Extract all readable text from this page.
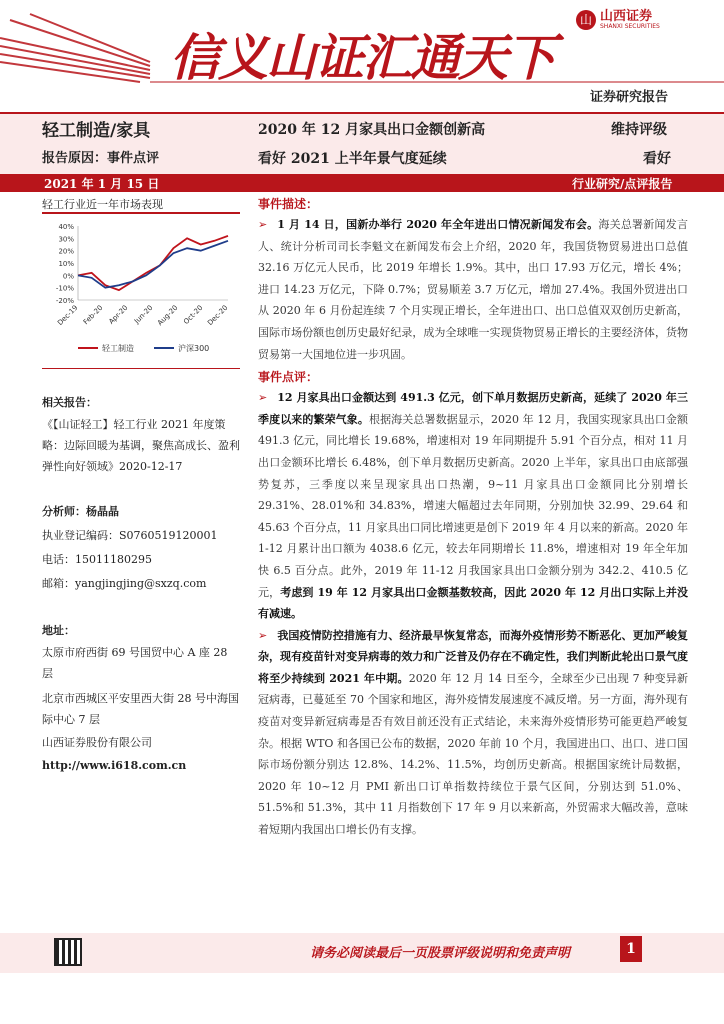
信义山证汇通天下
山 山西证券
SHANXI SECURITIES
证券研究报告
轻工制造/家具
报告原因：事件点评
2020 年 12 月家具出口金额创新高
看好 2021 上半年景气度延续
维持评级
看好
2021 年 1 月 15 日	行业研究/点评报告
轻工行业近一年市场表现
40%
30%
20%
10%
0%
-10%
-20%
Dec-19 Feb-20 Apr-20 Jun-20 Aug-20 Oct-20 Dec-20
轻工制造	沪深300
相关报告：
《【山证轻工】轻工行业 2021 年度策略：边际回暖为基调，聚焦高成长、盈利弹性向好领域》2020-12-17
分析师：杨晶晶
执业登记编码：S0760519120001
电话：15011180295
邮箱：yangjingjing@sxzq.com
地址：
太原市府西街 69 号国贸中心 A 座 28 层
北京市西城区平安里西大街 28 号中海国际中心 7 层
山西证券股份有限公司
http://www.i618.com.cn
事件描述：
➢ 1 月 14 日，国新办举行 2020 年全年进出口情况新闻发布会。海关总署新闻发言人、统计分析司司长李魁文在新闻发布会上介绍，2020 年，我国货物贸易进出口总值 32.16 万亿元人民币，比 2019 年增长 1.9%。其中，出口 17.93 万亿元，增长 4%；进口 14.23 万亿元，下降 0.7%；贸易顺差 3.7 万亿元，增加 27.4%。我国外贸进出口从 2020 年 6 月份起连续 7 个月实现正增长，全年进出口、出口总值双双创历史新高，国际市场份额也创历史最好纪录，成为全球唯一实现货物贸易正增长的主要经济体，货物贸易第一大国地位进一步巩固。
事件点评：
➢ 12 月家具出口金额达到 491.3 亿元，创下单月数据历史新高，延续了 2020 年三季度以来的繁荣气象。根据海关总署数据显示，2020 年 12 月，我国实现家具出口金额 491.3 亿元，同比增长 19.68%，增速相对 19 年同期提升 5.91 个百分点，相对 11 月出口金额环比增长 6.48%，创下单月数据历史新高。2020 上半年，家具出口由底部强势复苏，三季度以来呈现家具出口热潮，9~11 月家具出口金额同比分别增长 29.31%、28.01%和 34.83%，增速大幅超过去年同期，分别加快 32.99、29.64 和 45.63 个百分点，11 月家具出口同比增速更是创下 2019 年 4 月以来的新高。2020 年 1-12 月累计出口额为 4038.6 亿元，较去年同期增长 11.8%，增速相对 19 年全年加快 6.5 百分点。此外，2019 年 11-12 月我国家具出口金额分别为 342.2、410.5 亿元，考虑到 19 年 12 月家具出口金额基数较高，因此 2020 年 12 月出口实际上并没有减速。
➢ 我国疫情防控措施有力、经济最早恢复常态，而海外疫情形势不断恶化、更加严峻复杂，现有疫苗针对变异病毒的效力和广泛普及仍存在不确定性，我们判断此轮出口景气度将至少持续到 2021 年中期。2020 年 12 月 14 日至今，全球至少已出现 7 种变异新冠病毒，已蔓延至 70 个国家和地区，海外疫情发展速度不减反增。另一方面，海外现有疫苗对变异新冠病毒是否有效目前还没有正式结论，未来海外疫情形势可能更趋严峻复杂。根据 WTO 和各国已公布的数据，2020 年前 10 个月，我国进出口、出口、进口国际市场份额分别达 12.8%、14.2%、11.5%，均创历史新高。根据国家统计局数据，2020 年 10~12 月 PMI 新出口订单指数持续位于景气区间，分别达到 51.0%、51.5%和 51.3%，其中 11 月指数创下 17 年 9 月以来新高，外贸需求大幅改善，意味着短期内我国出口增长仍有支撑。
请务必阅读最后一页股票评级说明和免责声明	1
